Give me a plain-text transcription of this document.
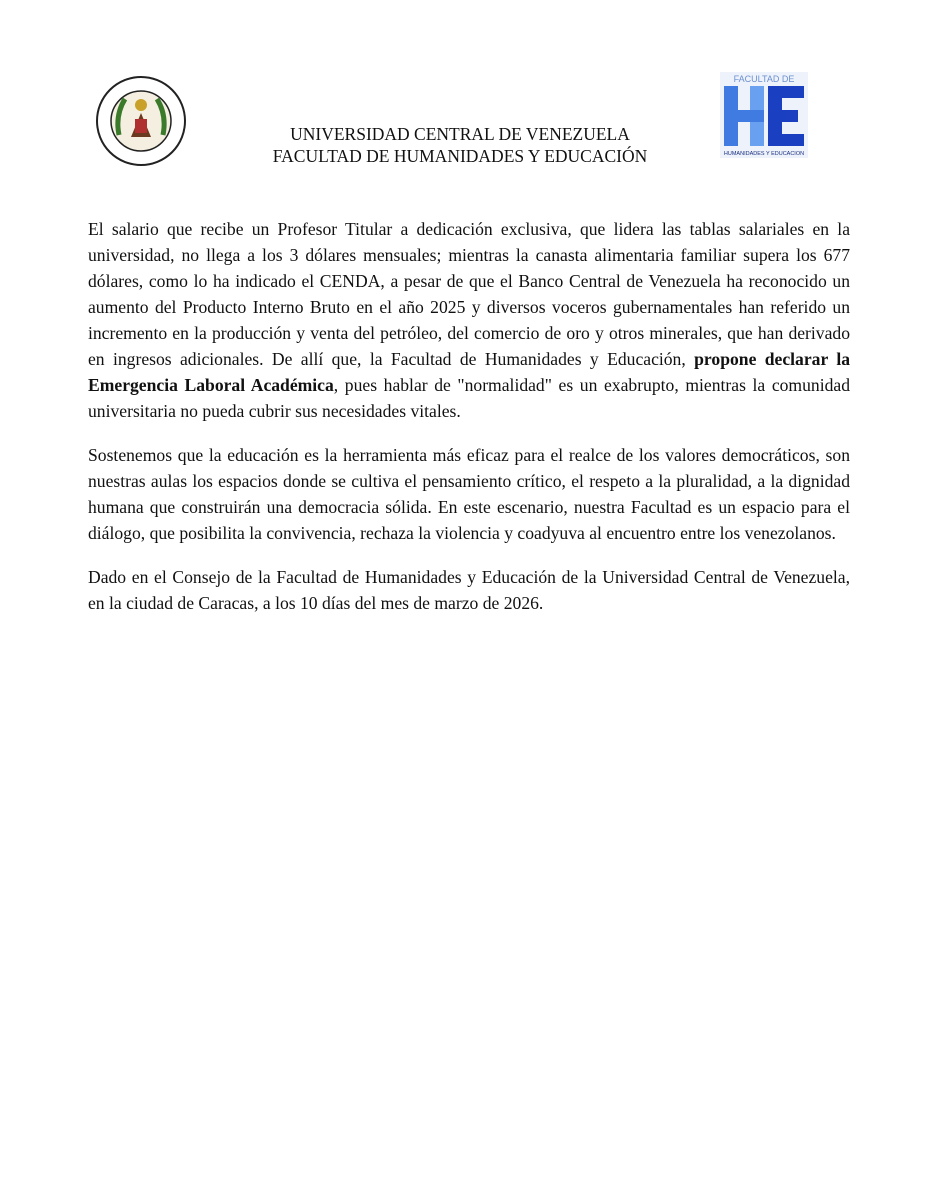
FACULTAD DE
HUMANIDADES Y EDUCACION
UNIVERSIDAD CENTRAL DE VENEZUELA
FACULTAD DE HUMANIDADES Y EDUCACIÓN

El salario que recibe un Profesor Titular a dedicación exclusiva, que lidera las tablas salariales en la universidad, no llega a los 3 dólares mensuales; mientras la canasta alimentaria familiar supera los 677 dólares, como lo ha indicado el CENDA, a pesar de que el Banco Central de Venezuela ha reconocido un aumento del Producto Interno Bruto en el año 2025 y diversos voceros gubernamentales han referido un incremento en la producción y venta del petróleo, del comercio de oro y otros minerales, que han derivado en ingresos adicionales. De allí que, la Facultad de Humanidades y Educación, propone declarar la Emergencia Laboral Académica, pues hablar de "normalidad" es un exabrupto, mientras la comunidad universitaria no pueda cubrir sus necesidades vitales.

Sostenemos que la educación es la herramienta más eficaz para el realce de los valores democráticos, son nuestras aulas los espacios donde se cultiva el pensamiento crítico, el respeto a la pluralidad, a la dignidad humana que construirán una democracia sólida. En este escenario, nuestra Facultad es un espacio para el diálogo, que posibilita la convivencia, rechaza la violencia y coadyuva al encuentro entre los venezolanos.

Dado en el Consejo de la Facultad de Humanidades y Educación de la Universidad Central de Venezuela, en la ciudad de Caracas, a los 10 días del mes de marzo de 2026.
